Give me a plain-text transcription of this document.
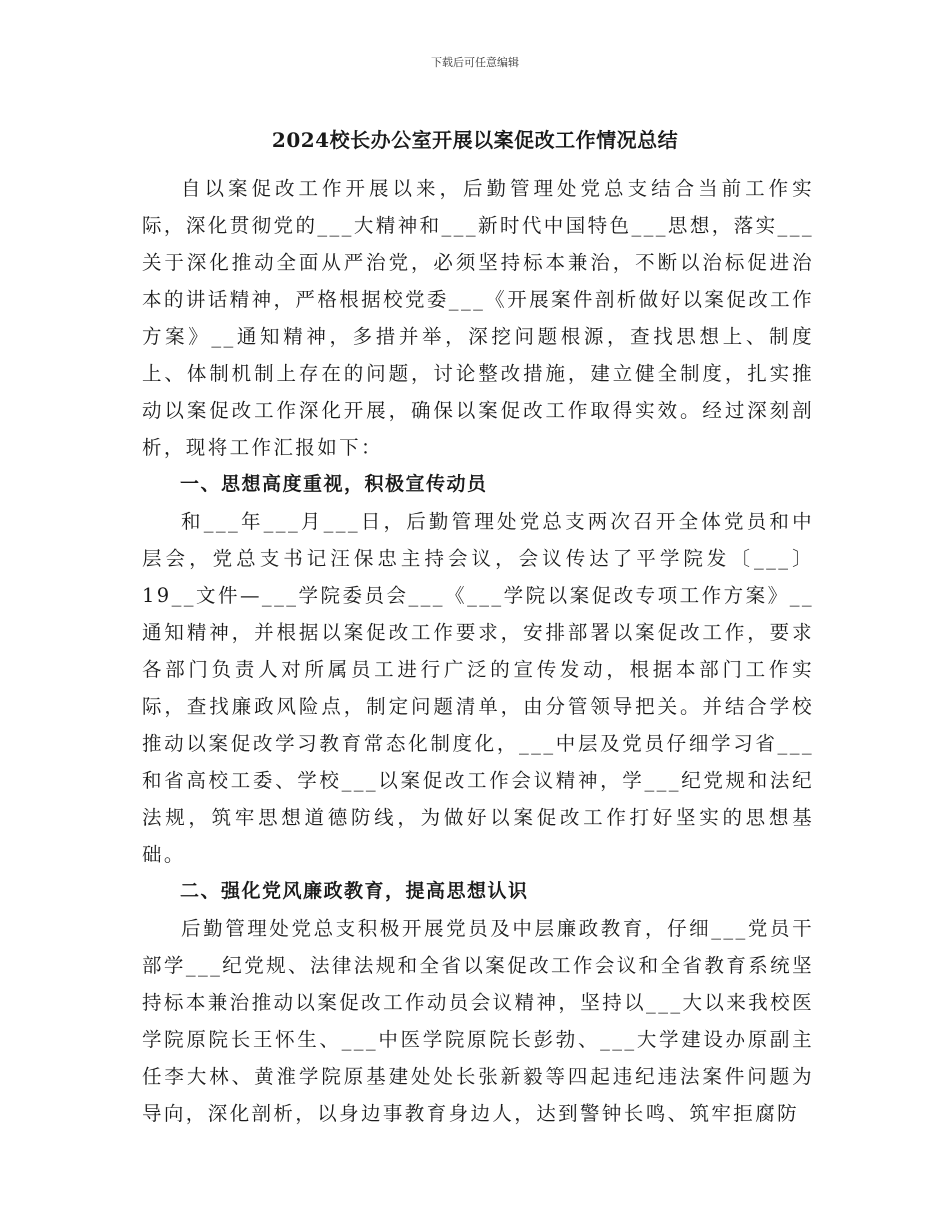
下载后可任意编辑
2024校长办公室开展以案促改工作情况总结

自以案促改工作开展以来，后勤管理处党总支结合当前工作实际，深化贯彻党的___大精神和___新时代中国特色___思想，落实___关于深化推动全面从严治党，必须坚持标本兼治，不断以治标促进治本的讲话精神，严格根据校党委___《开展案件剖析做好以案促改工作方案》__通知精神，多措并举，深挖问题根源，查找思想上、制度上、体制机制上存在的问题，讨论整改措施，建立健全制度，扎实推动以案促改工作深化开展，确保以案促改工作取得实效。经过深刻剖析，现将工作汇报如下：

一、思想高度重视，积极宣传动员

和___年___月___日，后勤管理处党总支两次召开全体党员和中层会，党总支书记汪保忠主持会议，会议传达了平学院发〔___〕19__文件—___学院委员会___《___学院以案促改专项工作方案》__通知精神，并根据以案促改工作要求，安排部署以案促改工作，要求各部门负责人对所属员工进行广泛的宣传发动，根据本部门工作实际，查找廉政风险点，制定问题清单，由分管领导把关。并结合学校推动以案促改学习教育常态化制度化，___中层及党员仔细学习省___和省高校工委、学校___以案促改工作会议精神，学___纪党规和法纪法规，筑牢思想道德防线，为做好以案促改工作打好坚实的思想基础。

二、强化党风廉政教育，提高思想认识

后勤管理处党总支积极开展党员及中层廉政教育，仔细___党员干部学___纪党规、法律法规和全省以案促改工作会议和全省教育系统坚持标本兼治推动以案促改工作动员会议精神，坚持以___大以来我校医学院原院长王怀生、___中医学院原院长彭勃、___大学建设办原副主任李大林、黄淮学院原基建处处长张新毅等四起违纪违法案件问题为导向，深化剖析，以身边事教育身边人，达到警钟长鸣、筑牢拒腐防
